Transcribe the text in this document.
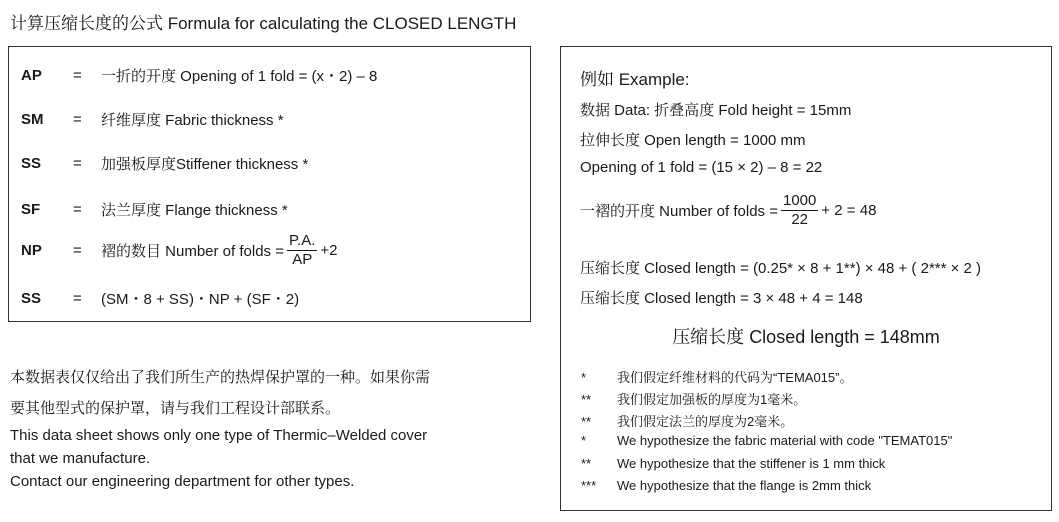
计算压缩长度的公式 Formula for calculating the CLOSED LENGTH
AP	=	一折的开度 Opening of 1 fold = (x・2) – 8
SM	=	纤维厚度 Fabric thickness *
SS	=	加强板厚度Stiffener thickness *
SF	=	法兰厚度 Flange thickness *
NP	=	褶的数目 Number of folds = $\frac{P.A.}{AP} +2$
SS	=	(SM・8 + SS)・NP + (SF・2)
例如 Example:
数据 Data: 折叠高度 Fold height = 15mm
拉伸长度 Open length = 1000 mm
Opening of 1 fold = (15 × 2) – 8 = 22
一褶的开度 Number of folds = $\frac{1000}{22} + 2 = 48$
压缩长度 Closed length = (0.25* × 8 + 1**) × 48 + ( 2*** × 2 )
压缩长度 Closed length = 3 × 48 + 4 = 148
压缩长度 Closed length = 148mm
* 我们假定纤维材料的代码为“TEMA015”。
** 我们假定加强板的厚度为1毫米。
** 我们假定法兰的厚度为2毫米。
* We hypothesize the fabric material with code "TEMAT015"
** We hypothesize that the stiffener is 1 mm thick
*** We hypothesize that the flange is 2mm thick
本数据表仅仅给出了我们所生产的热焊保护罩的一种。如果你需
要其他型式的保护罩，请与我们工程设计部联系。
This data sheet shows only one type of Thermic–Welded cover
that we manufacture.
Contact our engineering department for other types.
